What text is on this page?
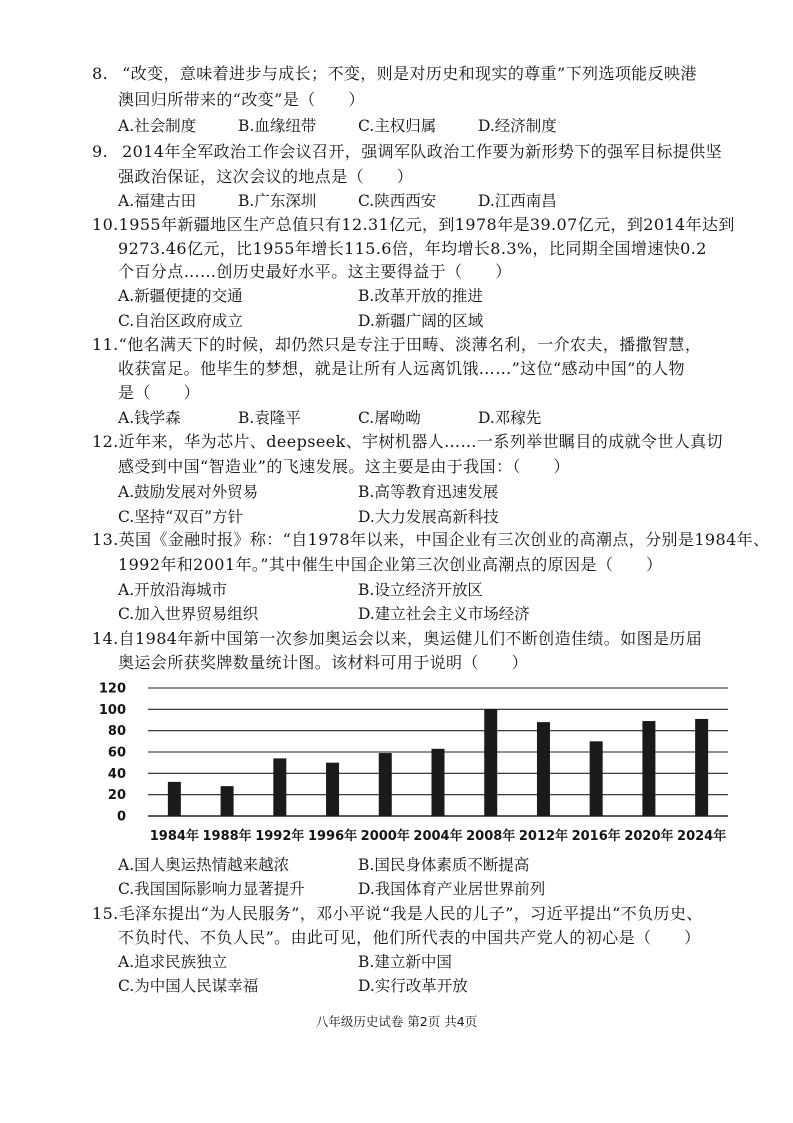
8. “改变，意味着进步与成长；不变，则是对历史和现实的尊重”下列选项能反映港
澳回归所带来的“改变”是（　　）
A.社会制度	B.血缘纽带	C.主权归属	D.经济制度
9. 2014年全军政治工作会议召开，强调军队政治工作要为新形势下的强军目标提供坚
强政治保证，这次会议的地点是（　　）
A.福建古田	B.广东深圳	C.陕西西安	D.江西南昌
10.1955年新疆地区生产总值只有12.31亿元，到1978年是39.07亿元，到2014年达到
9273.46亿元，比1955年增长115.6倍，年均增长8.3%，比同期全国增速快0.2
个百分点……创历史最好水平。这主要得益于（　　）
A.新疆便捷的交通	B.改革开放的推进
C.自治区政府成立	D.新疆广阔的区域
11.“他名满天下的时候，却仍然只是专注于田畴、淡薄名利，一介农夫，播撒智慧，
收获富足。他毕生的梦想，就是让所有人远离饥饿……”这位“感动中国”的人物
是（　　）
A.钱学森	B.袁隆平	C.屠呦呦	D.邓稼先
12.近年来，华为芯片、deepseek、宇树机器人……一系列举世瞩目的成就令世人真切
感受到中国“智造业”的飞速发展。这主要是由于我国：（　　）
A.鼓励发展对外贸易	B.高等教育迅速发展
C.坚持“双百”方针	D.大力发展高新科技
13.英国《金融时报》称：“自1978年以来，中国企业有三次创业的高潮点，分别是1984年、
1992年和2001年。”其中催生中国企业第三次创业高潮点的原因是（　　）
A.开放沿海城市	B.设立经济开放区
C.加入世界贸易组织	D.建立社会主义市场经济
14.自1984年新中国第一次参加奥运会以来，奥运健儿们不断创造佳绩。如图是历届
奥运会所获奖牌数量统计图。该材料可用于说明（　　）
0
20
40
60
80
100
120
1984年 1988年 1992年 1996年 2000年 2004年 2008年 2012年 2016年 2020年 2024年
A.国人奥运热情越来越浓	B.国民身体素质不断提高
C.我国国际影响力显著提升	D.我国体育产业居世界前列
15.毛泽东提出“为人民服务”，邓小平说“我是人民的儿子”，习近平提出“不负历史、
不负时代、不负人民”。由此可见，他们所代表的中国共产党人的初心是（　　）
A.追求民族独立	B.建立新中国
C.为中国人民谋幸福	D.实行改革开放
八年级历史试卷 第2页 共4页
